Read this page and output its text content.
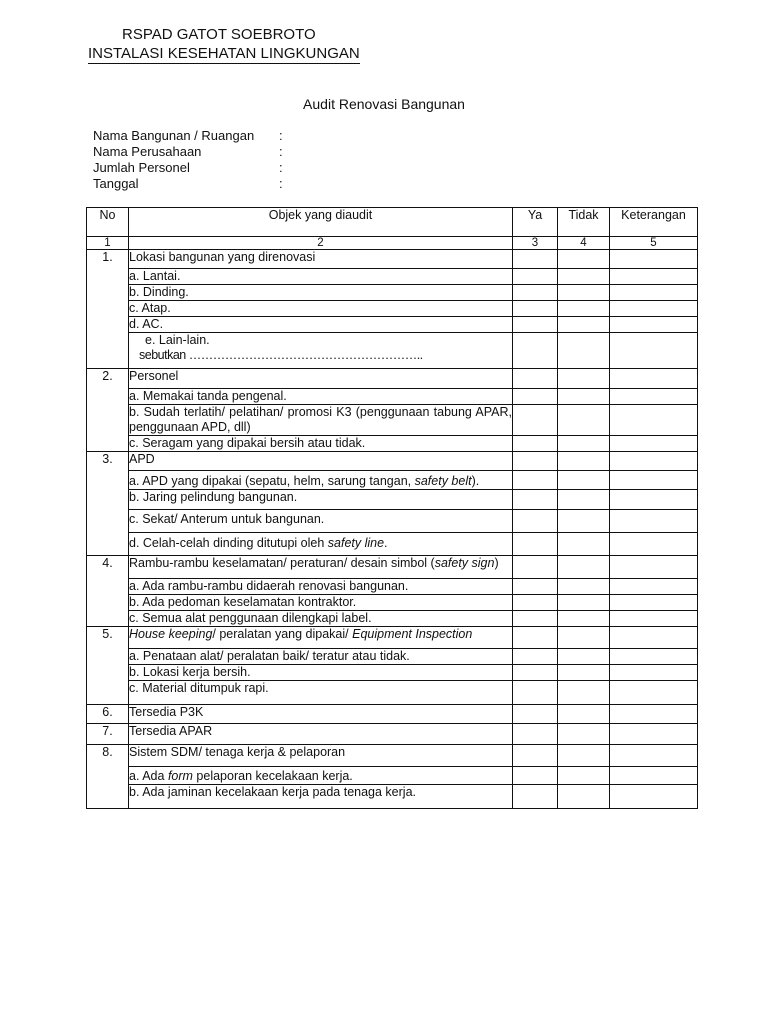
RSPAD GATOT SOEBROTO
INSTALASI KESEHATAN LINGKUNGAN
Audit Renovasi Bangunan
Nama Bangunan / Ruangan :
Nama Perusahaan	:
Jumlah Personel	:
Tanggal	:
No	Objek yang diaudit	Ya	Tidak	Keterangan
1	2	3	4	5
1.	Lokasi bangunan yang direnovasi			
	a. Lantai.			
	b. Dinding.			
	c. Atap.			
	d. AC.			

	e. Lain-lain.
sebutkan …………………………………………………..			

2.	Personel			
	a. Memakai tanda pengenal.			
	b. Sudah terlatih/ pelatihan/ promosi K3 (penggunaan tabung APAR, penggunaan APD, dll)			
	c. Seragam yang dipakai bersih atau tidak.			
3.	APD			
	a. APD yang dipakai (sepatu, helm, sarung tangan, safety belt).			
	b. Jaring pelindung bangunan.			
	c. Sekat/ Anterum untuk bangunan.			
	d. Celah-celah dinding ditutupi oleh safety line.			
4.	Rambu-rambu keselamatan/ peraturan/ desain simbol (safety sign)			
	a. Ada rambu-rambu didaerah renovasi bangunan.			
	b. Ada pedoman keselamatan kontraktor.			
	c. Semua alat penggunaan dilengkapi label.			
5.	House keeping/ peralatan yang dipakai/ Equipment Inspection			
	a. Penataan alat/ peralatan baik/ teratur atau tidak.			
	b. Lokasi kerja bersih.			
	c. Material ditumpuk rapi.			
6.	Tersedia P3K			
7.	Tersedia APAR			
8.	Sistem SDM/ tenaga kerja & pelaporan			
	a. Ada form pelaporan kecelakaan kerja.			
	b. Ada jaminan kecelakaan kerja pada tenaga kerja.			
